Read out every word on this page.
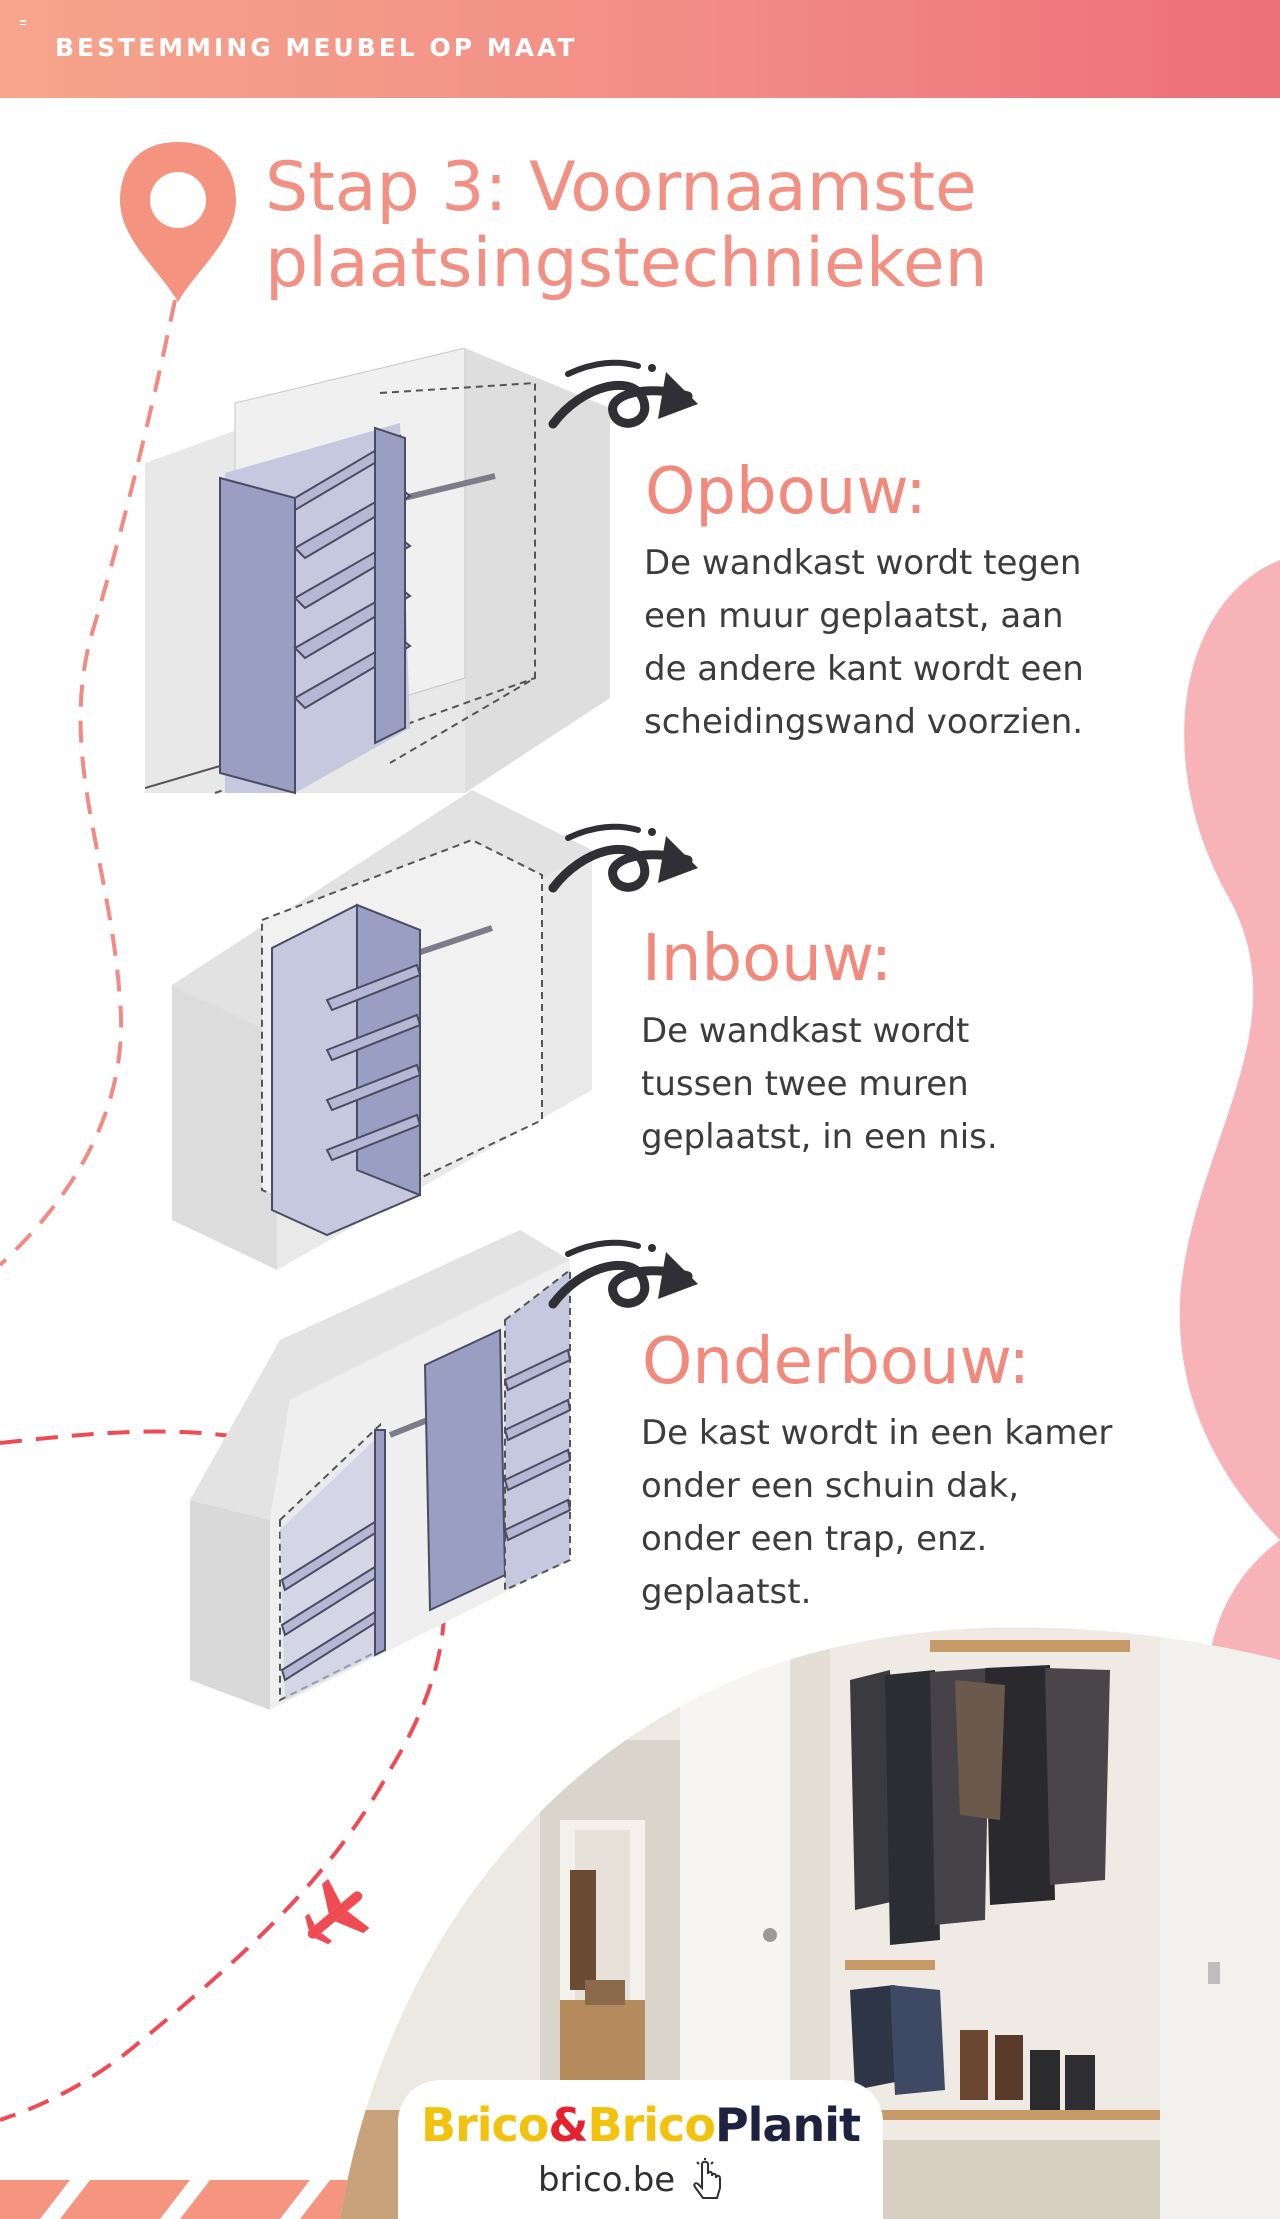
BESTEMMING MEUBEL OP MAAT
Stap 3: Voornaamste
plaatsingstechnieken
Opbouw:
De wandkast wordt tegen
een muur geplaatst, aan
de andere kant wordt een
scheidingswand voorzien.
Inbouw:
De wandkast wordt
tussen twee muren
geplaatst, in een nis.
Onderbouw:
De kast wordt in een kamer
onder een schuin dak,
onder een trap, enz.
geplaatst.
Brico&BricoPlanit
brico.be
